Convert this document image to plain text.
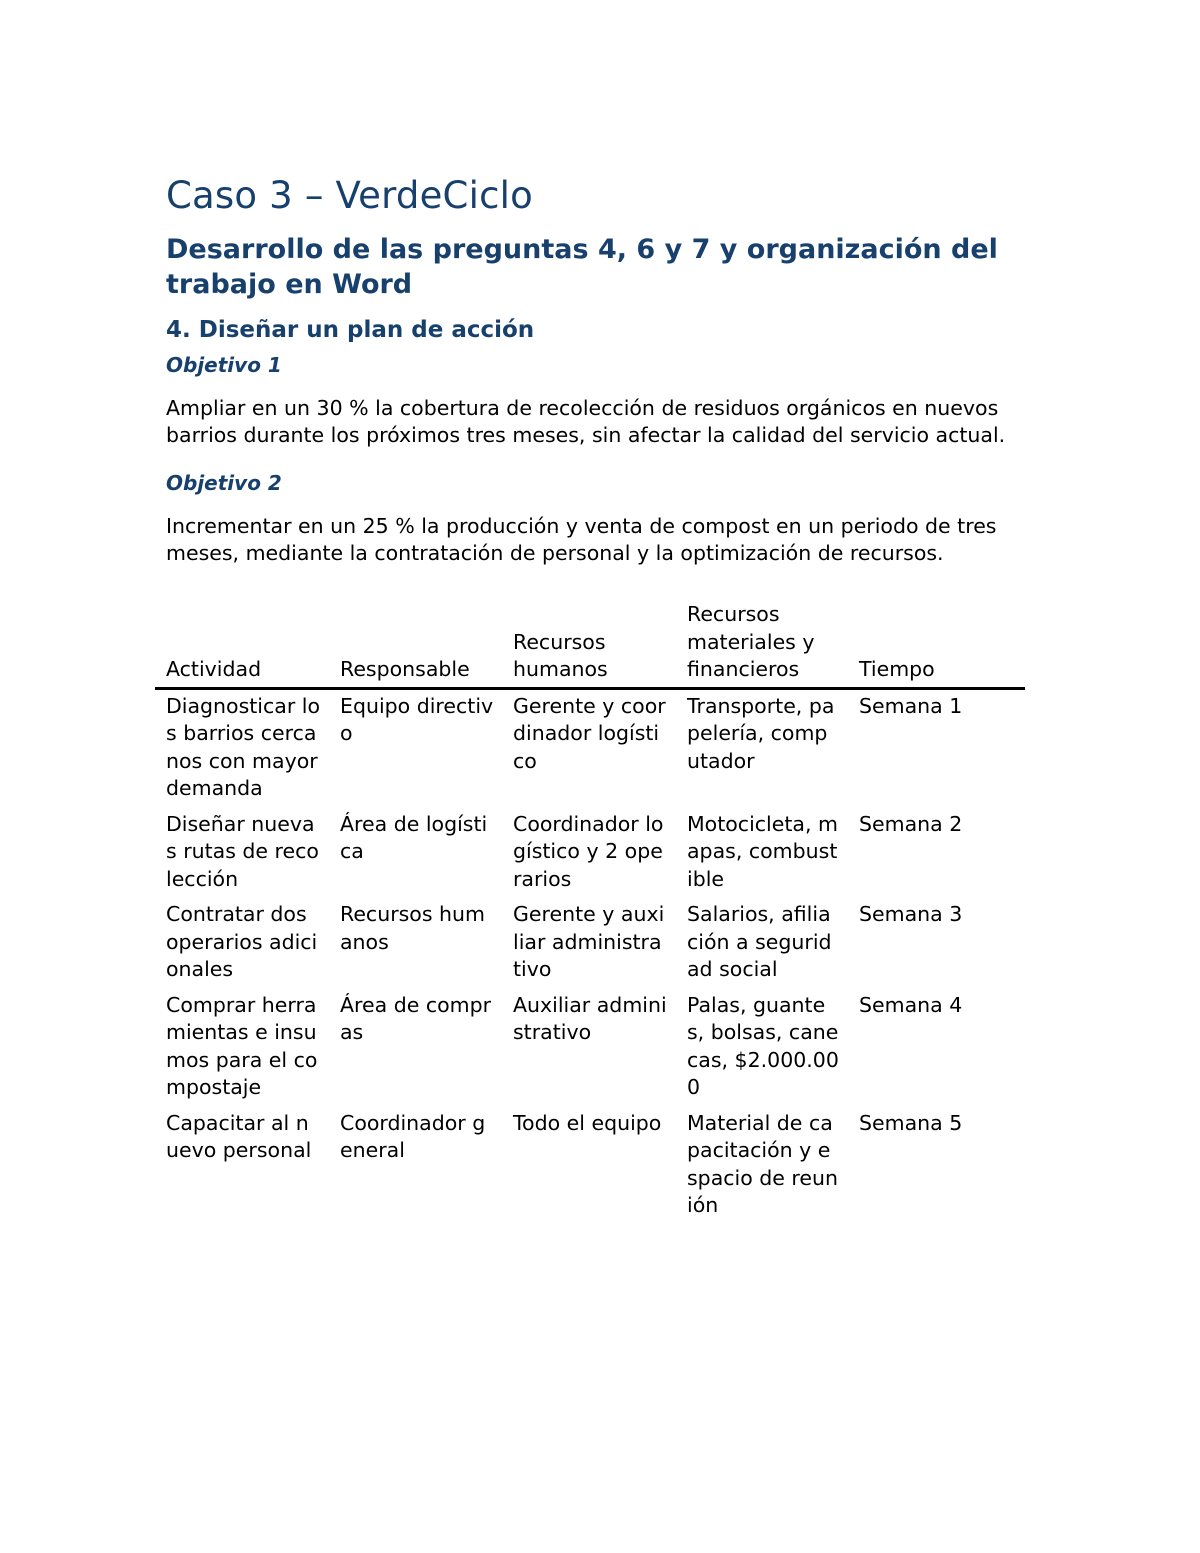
Caso 3 – VerdeCiclo
Desarrollo de las preguntas 4, 6 y 7 y organización del trabajo en Word
4. Diseñar un plan de acción
Objetivo 1

Ampliar en un 30 % la cobertura de recolección de residuos orgánicos en nuevos barrios durante los próximos tres meses, sin afectar la calidad del servicio actual.

Objetivo 2

Incrementar en un 25 % la producción y venta de compost en un periodo de tres meses, mediante la contratación de personal y la optimización de recursos.

Actividad	Responsable	Recursos humanos	Recursos materiales y financieros	Tiempo
Diagnosticar los barrios cercanos con mayor demanda	Equipo directivo	Gerente y coordinador logístico	Transporte, papelería, computador	Semana 1
Diseñar nuevas rutas de recolección	Área de logística	Coordinador logístico y 2 operarios	Motocicleta, mapas, combustible	Semana 2
Contratar dos operarios adicionales	Recursos humanos	Gerente y auxiliar administrativo	Salarios, afiliación a seguridad social	Semana 3
Comprar herramientas e insumos para el compostaje	Área de compras	Auxiliar administrativo	Palas, guantes, bolsas, canecas, $2.000.000	Semana 4
Capacitar al nuevo personal	Coordinador general	Todo el equipo	Material de capacitación y espacio de reunión	Semana 5
